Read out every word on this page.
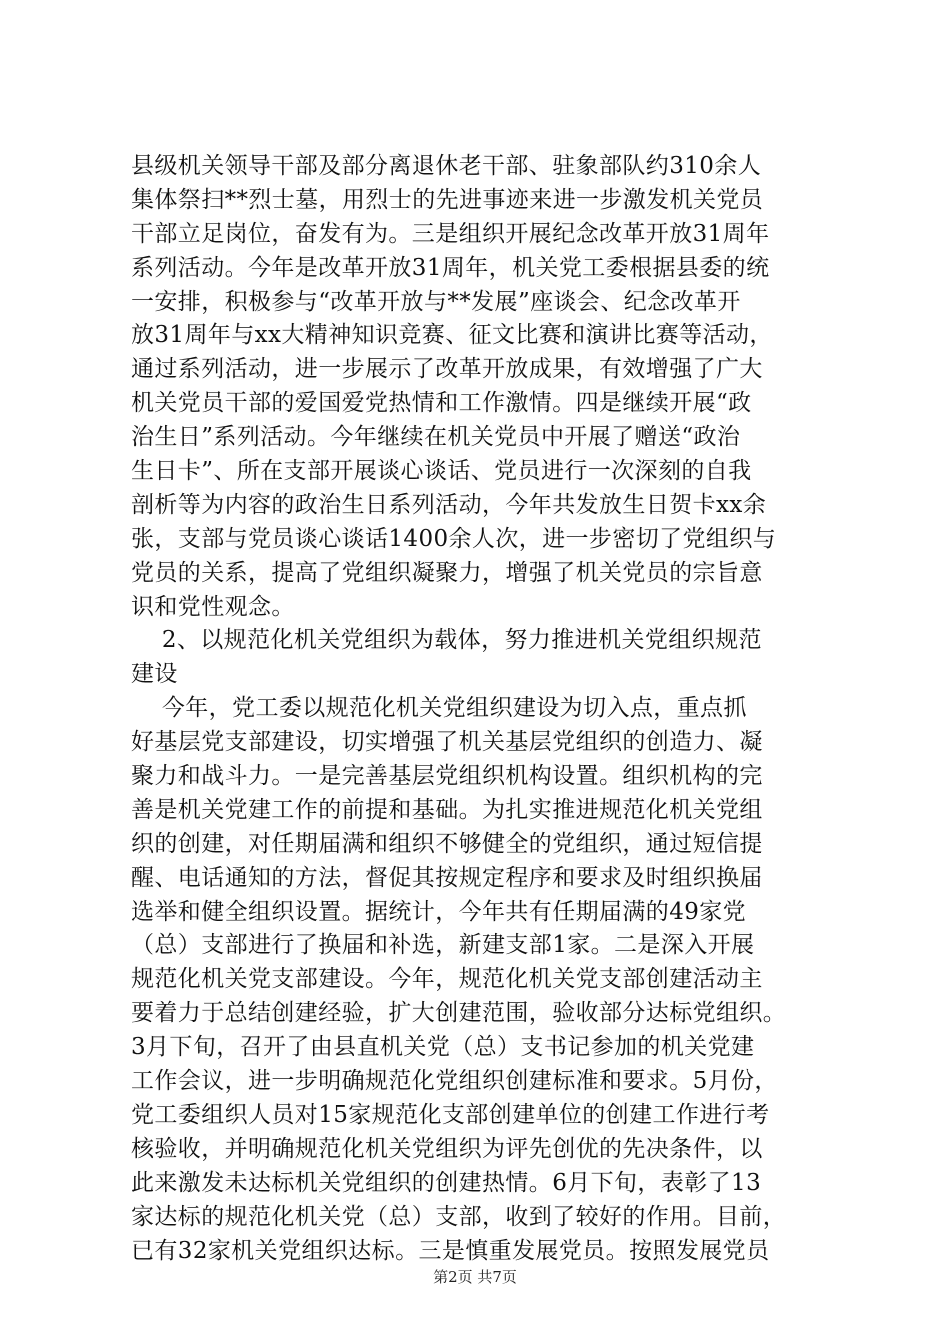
县级机关领导干部及部分离退休老干部、驻象部队约310余人
集体祭扫**烈士墓，用烈士的先进事迹来进一步激发机关党员
干部立足岗位，奋发有为。三是组织开展纪念改革开放31周年
系列活动。今年是改革开放31周年，机关党工委根据县委的统
一安排，积极参与“改革开放与**发展”座谈会、纪念改革开
放31周年与xx大精神知识竞赛、征文比赛和演讲比赛等活动，
通过系列活动，进一步展示了改革开放成果，有效增强了广大
机关党员干部的爱国爱党热情和工作激情。四是继续开展“政
治生日”系列活动。今年继续在机关党员中开展了赠送“政治
生日卡”、所在支部开展谈心谈话、党员进行一次深刻的自我
剖析等为内容的政治生日系列活动，今年共发放生日贺卡xx余
张，支部与党员谈心谈话1400余人次，进一步密切了党组织与
党员的关系，提高了党组织凝聚力，增强了机关党员的宗旨意
识和党性观念。
2、以规范化机关党组织为载体，努力推进机关党组织规范
建设
今年，党工委以规范化机关党组织建设为切入点，重点抓
好基层党支部建设，切实增强了机关基层党组织的创造力、凝
聚力和战斗力。一是完善基层党组织机构设置。组织机构的完
善是机关党建工作的前提和基础。为扎实推进规范化机关党组
织的创建，对任期届满和组织不够健全的党组织，通过短信提
醒、电话通知的方法，督促其按规定程序和要求及时组织换届
选举和健全组织设置。据统计，今年共有任期届满的49家党
（总）支部进行了换届和补选，新建支部1家。二是深入开展
规范化机关党支部建设。今年，规范化机关党支部创建活动主
要着力于总结创建经验，扩大创建范围，验收部分达标党组织。
3月下旬，召开了由县直机关党（总）支书记参加的机关党建
工作会议，进一步明确规范化党组织创建标准和要求。5月份，
党工委组织人员对15家规范化支部创建单位的创建工作进行考
核验收，并明确规范化机关党组织为评先创优的先决条件，以
此来激发未达标机关党组织的创建热情。6月下旬，表彰了13
家达标的规范化机关党（总）支部，收到了较好的作用。目前，
已有32家机关党组织达标。三是慎重发展党员。按照发展党员
第2页 共7页
